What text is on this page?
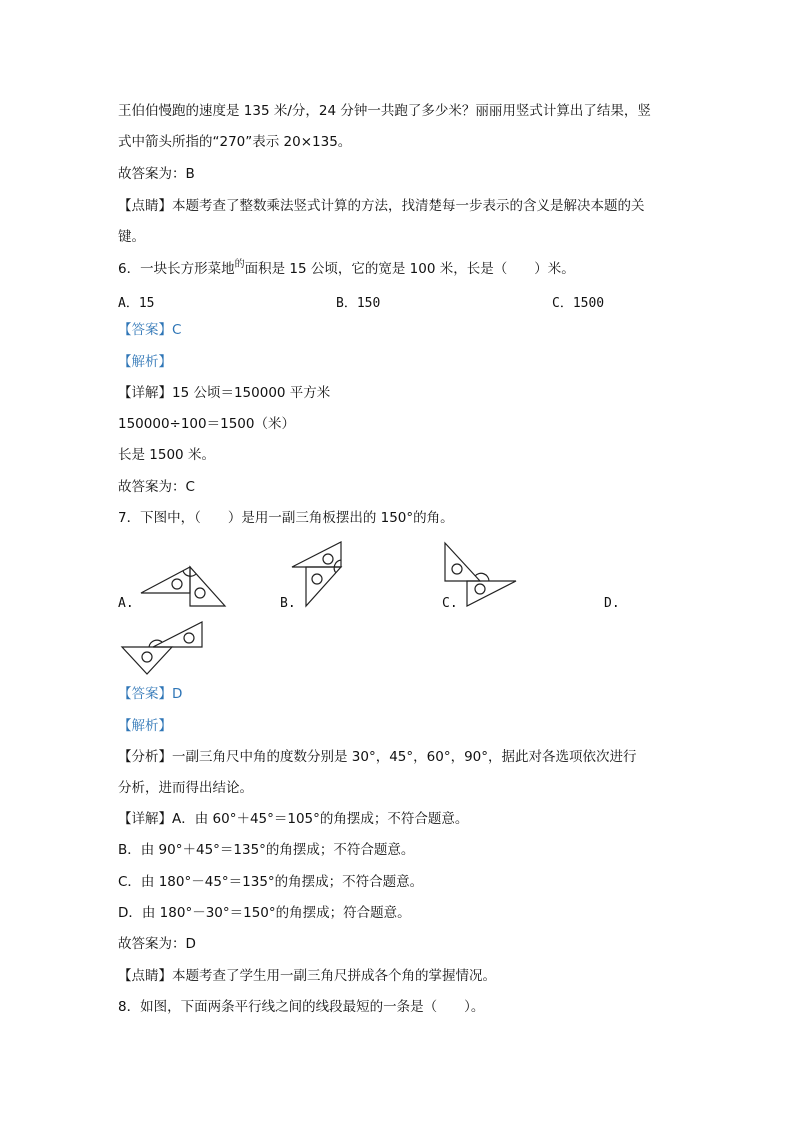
王伯伯慢跑的速度是 135 米/分，24 分钟一共跑了多少米？丽丽用竖式计算出了结果，竖
式中箭头所指的“270”表示 20×135。
故答案为：B
【点睛】本题考查了整数乘法竖式计算的方法，找清楚每一步表示的含义是解决本题的关
键。
6．一块长方形菜地$^的$面积是 15 公顷，它的宽是 100 米，长是（　　）米。
A．15	B．150	C．1500
【答案】C
【解析】
【详解】15 公顷＝150000 平方米
150000÷100＝1500（米）
长是 1500 米。
故答案为：C
7．下图中，（　　）是用一副三角板摆出的 150°的角。
A.	B.	C.	D.
【答案】D
【解析】
【分析】一副三角尺中角的度数分别是 30°，45°，60°，90°，据此对各选项依次进行
分析，进而得出结论。
【详解】A．由 60°＋45°＝105°的角摆成；不符合题意。
B．由 90°＋45°＝135°的角摆成；不符合题意。
C．由 180°－45°＝135°的角摆成；不符合题意。
D．由 180°－30°＝150°的角摆成；符合题意。
故答案为：D
【点睛】本题考查了学生用一副三角尺拼成各个角的掌握情况。
8．如图，下面两条平行线之间的线段最短的一条是（　　）。
